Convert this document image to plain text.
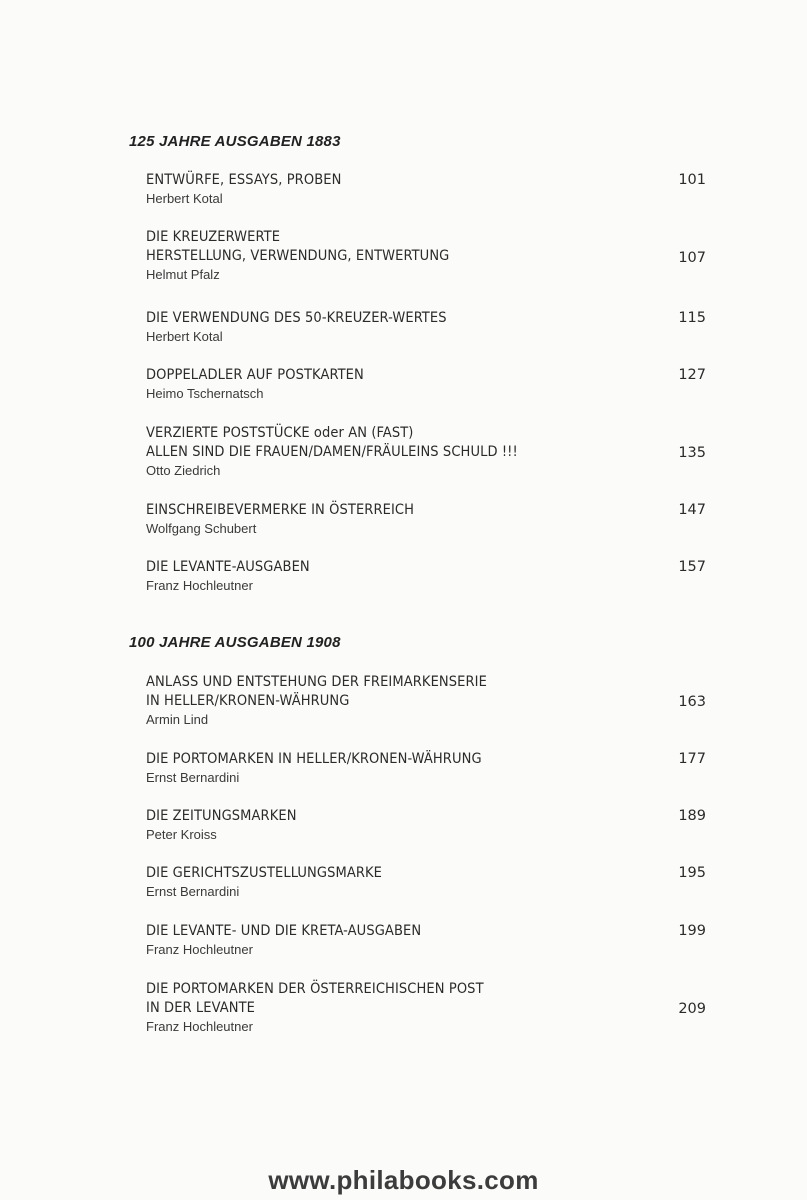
125 JAHRE AUSGABEN 1883
ENTWÜRFE, ESSAYS, PROBEN
Herbert Kotal
101
DIE KREUZERWERTE
HERSTELLUNG, VERWENDUNG, ENTWERTUNG
Helmut Pfalz
107
DIE VERWENDUNG DES 50-KREUZER-WERTES
Herbert Kotal
115
DOPPELADLER AUF POSTKARTEN
Heimo Tschernatsch
127
VERZIERTE POSTSTÜCKE oder AN (FAST)
ALLEN SIND DIE FRAUEN/DAMEN/FRÄULEINS SCHULD !!!
Otto Ziedrich
135
EINSCHREIBEVERMERKE IN ÖSTERREICH
Wolfgang Schubert
147
DIE LEVANTE-AUSGABEN
Franz Hochleutner
157
100 JAHRE AUSGABEN 1908
ANLASS UND ENTSTEHUNG DER FREIMARKENSERIE
IN HELLER/KRONEN-WÄHRUNG
Armin Lind
163
DIE PORTOMARKEN IN HELLER/KRONEN-WÄHRUNG
Ernst Bernardini
177
DIE ZEITUNGSMARKEN
Peter Kroiss
189
DIE GERICHTSZUSTELLUNGSMARKE
Ernst Bernardini
195
DIE LEVANTE- UND DIE KRETA-AUSGABEN
Franz Hochleutner
199
DIE PORTOMARKEN DER ÖSTERREICHISCHEN POST
IN DER LEVANTE
Franz Hochleutner
209
www.philabooks.com
